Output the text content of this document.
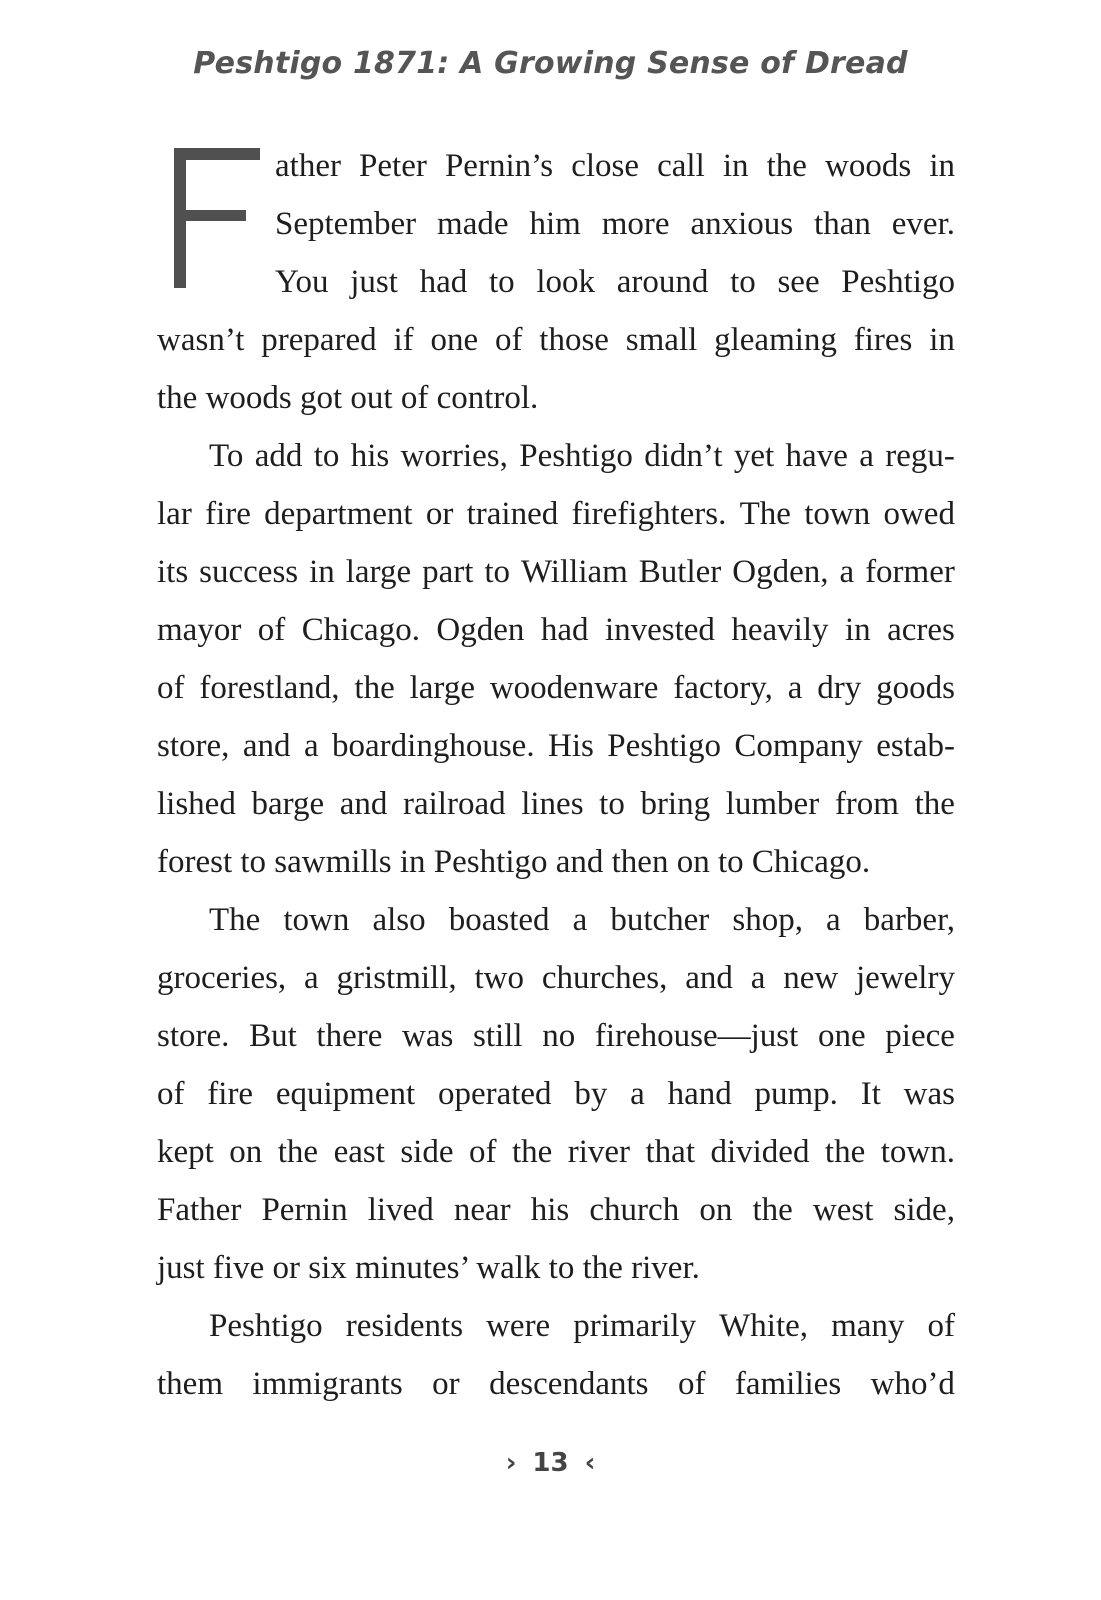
Peshtigo 1871: A Growing Sense of Dread
ather Peter Pernin’s close call in the woods in
September made him more anxious than ever.
You just had to look around to see Peshtigo
wasn’t prepared if one of those small gleaming fires in
the woods got out of control.
To add to his worries, Peshtigo didn’t yet have a regu-
lar fire department or trained firefighters. The town owed
its success in large part to William Butler Ogden, a former
mayor of Chicago. Ogden had invested heavily in acres
of forestland, the large woodenware factory, a dry goods
store, and a boardinghouse. His Peshtigo Company estab-
lished barge and railroad lines to bring lumber from the
forest to sawmills in Peshtigo and then on to Chicago.
The town also boasted a butcher shop, a barber,
groceries, a gristmill, two churches, and a new jewelry
store. But there was still no firehouse—just one piece
of fire equipment operated by a hand pump. It was
kept on the east side of the river that divided the town.
Father Pernin lived near his church on the west side,
just five or six minutes’ walk to the river.
Peshtigo residents were primarily White, many of
them immigrants or descendants of families who’d
› 13 ‹
